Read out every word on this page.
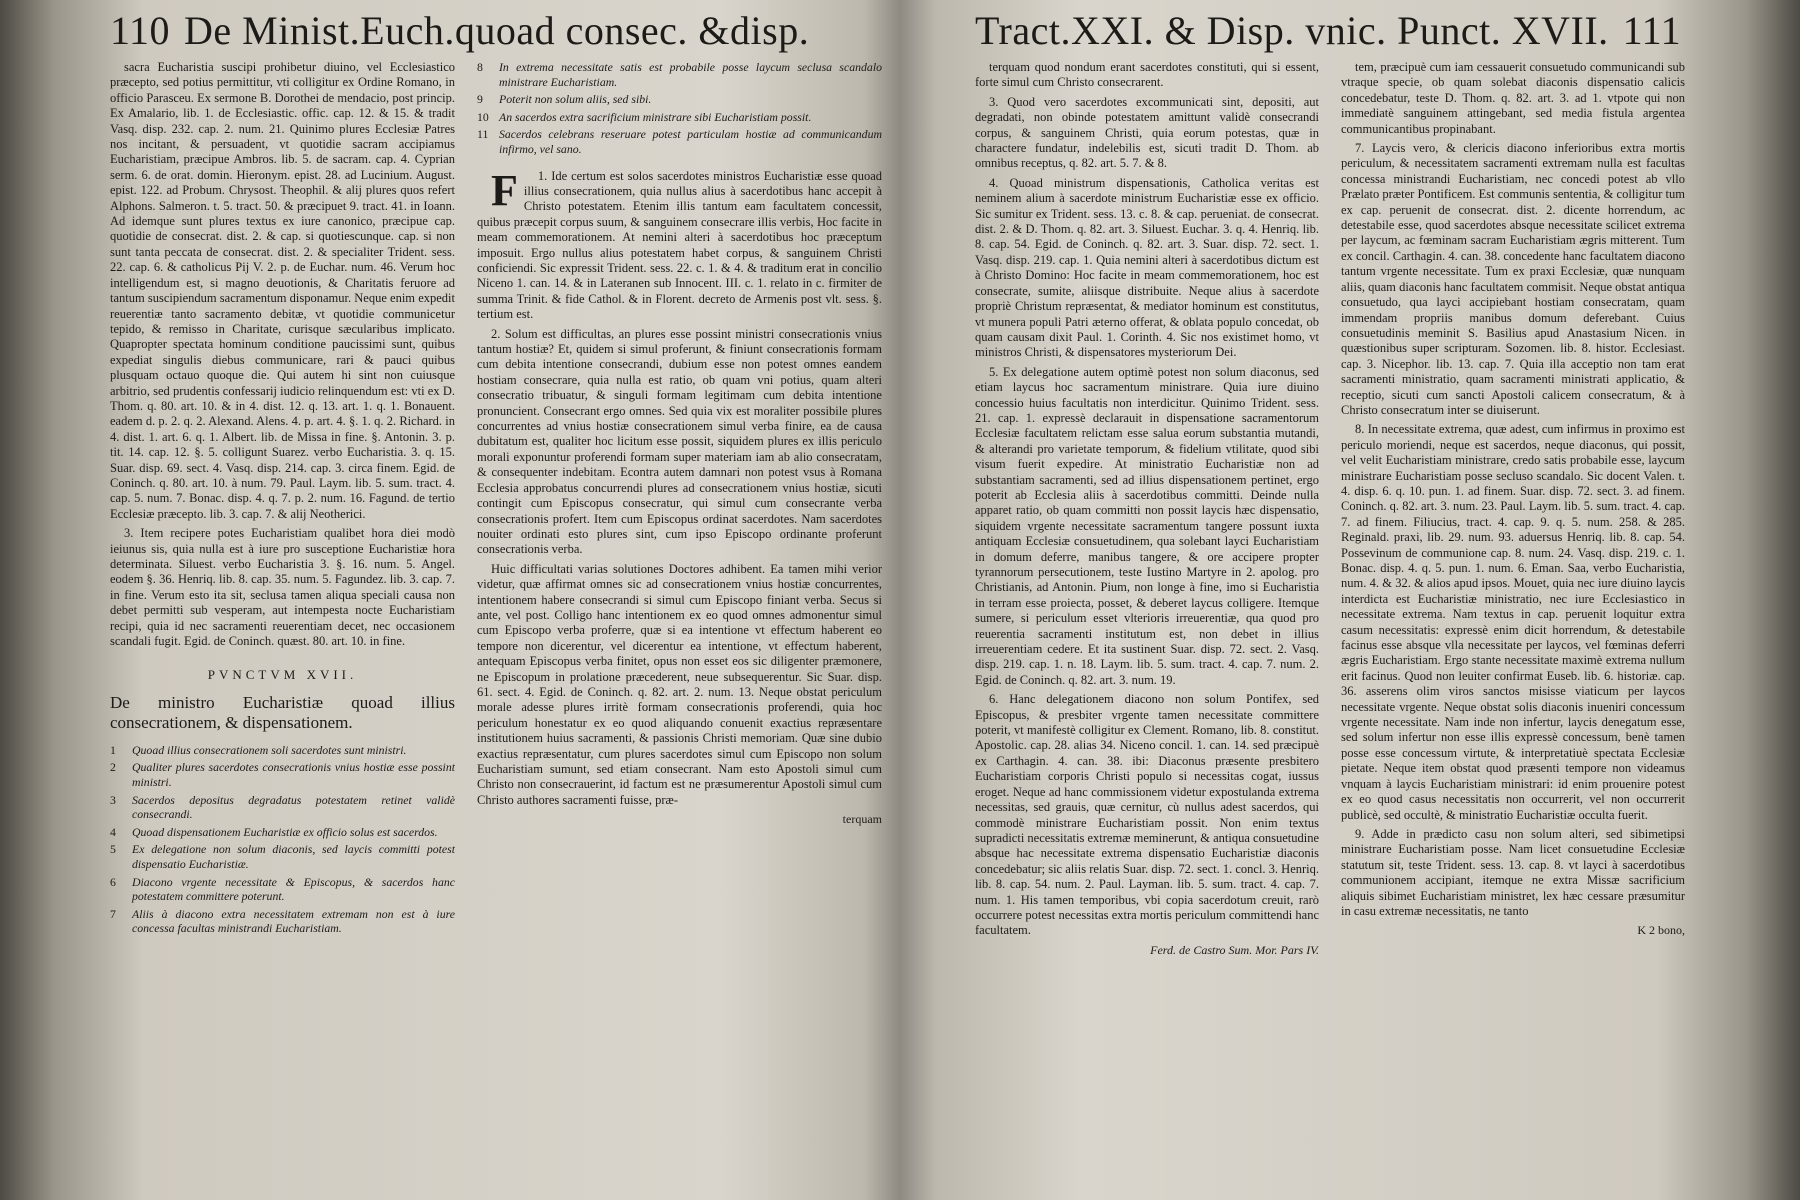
110 De Minist.Euch.quoad consec. &disp.

sacra Eucharistia suscipi prohibetur diuino, vel Ecclesiastico præcepto, sed potius permittitur, vti colligitur ex Ordine Romano, in officio Parasceu. Ex sermone B. Dorothei de mendacio, post princip. Ex Amalario, lib. 1. de Ecclesiastic. offic. cap. 12. & 15. & tradit Vasq. disp. 232. cap. 2. num. 21. Quinimo plures Ecclesiæ Patres nos incitant, & persuadent, vt quotidie sacram accipiamus Eucharistiam, præcipue Ambros. lib. 5. de sacram. cap. 4. Cyprian serm. 6. de orat. domin. Hieronym. epist. 28. ad Lucinium. August. epist. 122. ad Probum. Chrysost. Theophil. & alij plures quos refert Alphons. Salmeron. t. 5. tract. 50. & præcipuet 9. tract. 41. in Ioann. Ad idemque sunt plures textus ex iure canonico, præcipue cap. quotidie de consecrat. dist. 2. & cap. si quotiescunque. cap. si non sunt tanta peccata de consecrat. dist. 2. & specialiter Trident. sess. 22. cap. 6. & catholicus Pij V. 2. p. de Euchar. num. 46. Verum hoc intelligendum est, si magno deuotionis, & Charitatis feruore ad tantum suscipiendum sacramentum disponamur. Neque enim expedit reuerentiæ tanto sacramento debitæ, vt quotidie communicetur tepido, & remisso in Charitate, curisque sæcularibus implicato. Quapropter spectata hominum conditione paucissimi sunt, quibus expediat singulis diebus communicare, rari & pauci quibus plusquam octauo quoque die. Qui autem hi sint non cuiusque arbitrio, sed prudentis confessarij iudicio relinquendum est: vti ex D. Thom. q. 80. art. 10. & in 4. dist. 12. q. 13. art. 1. q. 1. Bonauent. eadem d. p. 2. q. 2. Alexand. Alens. 4. p. art. 4. §. 1. q. 2. Richard. in 4. dist. 1. art. 6. q. 1. Albert. lib. de Missa in fine. §. Antonin. 3. p. tit. 14. cap. 12. §. 5. colligunt Suarez. verbo Eucharistia. 3. q. 15. Suar. disp. 69. sect. 4. Vasq. disp. 214. cap. 3. circa finem. Egid. de Coninch. q. 80. art. 10. à num. 79. Paul. Laym. lib. 5. sum. tract. 4. cap. 5. num. 7. Bonac. disp. 4. q. 7. p. 2. num. 16. Fagund. de tertio Ecclesiæ præcepto. lib. 3. cap. 7. & alij Neotherici.

3. Item recipere potes Eucharistiam qualibet hora diei modò ieiunus sis, quia nulla est à iure pro susceptione Eucharistiæ hora determinata. Siluest. verbo Eucharistia 3. §. 16. num. 5. Angel. eodem §. 36. Henriq. lib. 8. cap. 35. num. 5. Fagundez. lib. 3. cap. 7. in fine. Verum esto ita sit, seclusa tamen aliqua speciali causa non debet permitti sub vesperam, aut intempesta nocte Eucharistiam recipi, quia id nec sacramenti reuerentiam decet, nec occasionem scandali fugit. Egid. de Coninch. quæst. 80. art. 10. in fine.

PVNCTVM XVII.
De ministro Eucharistiæ quoad illius consecrationem, & dispensationem.
1	Quoad illius consecrationem soli sacerdotes sunt ministri.
2	Qualiter plures sacerdotes consecrationis vnius hostiæ esse possint ministri.
3	Sacerdos depositus degradatus potestatem retinet validè consecrandi.
4	Quoad dispensationem Eucharistiæ ex officio solus est sacerdos.
5	Ex delegatione non solum diaconis, sed laycis committi potest dispensatio Eucharistiæ.
6	Diacono vrgente necessitate & Episcopus, & sacerdos hanc potestatem committere poterunt.
7	Aliis à diacono extra necessitatem extremam non est à iure concessa facultas ministrandi Eucharistiam.
8	In extrema necessitate satis est probabile posse laycum seclusa scandalo ministrare Eucharistiam.
9	Poterit non solum aliis, sed sibi.
10 An sacerdos extra sacrificium ministrare sibi Eucharistiam possit.
11 Sacerdos celebrans reseruare potest particulam hostiæ ad communicandum infirmo, vel sano.

F 1. Ide certum est solos sacerdotes ministros Eucharistiæ esse quoad illius consecrationem, quia nullus alius à sacerdotibus hanc accepit à Christo potestatem. Etenim illis tantum eam facultatem concessit, quibus præcepit corpus suum, & sanguinem consecrare illis verbis, Hoc facite in meam commemorationem. At nemini alteri à sacerdotibus hoc præceptum imposuit. Ergo nullus alius potestatem habet corpus, & sanguinem Christi conficiendi. Sic expressit Trident. sess. 22. c. 1. & 4. & traditum erat in concilio Niceno 1. can. 14. & in Lateranen sub Innocent. III. c. 1. relato in c. firmiter de summa Trinit. & fide Cathol. & in Florent. decreto de Armenis post vlt. sess. §. tertium est.

2. Solum est difficultas, an plures esse possint ministri consecrationis vnius tantum hostiæ? Et, quidem si simul proferunt, & finiunt consecrationis formam cum debita intentione consecrandi, dubium esse non potest omnes eandem hostiam consecrare, quia nulla est ratio, ob quam vni potius, quam alteri consecratio tribuatur, & singuli formam legitimam cum debita intentione pronuncient. Consecrant ergo omnes. Sed quia vix est moraliter possibile plures concurrentes ad vnius hostiæ consecrationem simul verba finire, ea de causa dubitatum est, qualiter hoc licitum esse possit, siquidem plures ex illis periculo morali exponuntur proferendi formam super materiam iam ab alio consecratam, & consequenter indebitam. Econtra autem damnari non potest vsus à Romana Ecclesia approbatus concurrendi plures ad consecrationem vnius hostiæ, sicuti contingit cum Episcopus consecratur, qui simul cum consecrante verba consecrationis profert. Item cum Episcopus ordinat sacerdotes. Nam sacerdotes nouiter ordinati esto plures sint, cum ipso Episcopo ordinante proferunt consecrationis verba.

Huic difficultati varias solutiones Doctores adhibent. Ea tamen mihi verior videtur, quæ affirmat omnes sic ad consecrationem vnius hostiæ concurrentes, intentionem habere consecrandi si simul cum Episcopo finiant verba. Secus si ante, vel post. Colligo hanc intentionem ex eo quod omnes admonentur simul cum Episcopo verba proferre, quæ si ea intentione vt effectum haberent eo tempore non dicerentur, vel dicerentur ea intentione, vt effectum haberent, antequam Episcopus verba finitet, opus non esset eos sic diligenter præmonere, ne Episcopum in prolatione præcederent, neue subsequerentur. Sic Suar. disp. 61. sect. 4. Egid. de Coninch. q. 82. art. 2. num. 13. Neque obstat periculum morale adesse plures irritè formam consecrationis proferendi, quia hoc periculum honestatur ex eo quod aliquando conuenit exactius repræsentare institutionem huius sacramenti, & passionis Christi memoriam. Quæ sine dubio exactius repræsentatur, cum plures sacerdotes simul cum Episcopo non solum Eucharistiam sumunt, sed etiam consecrant. Nam esto Apostoli simul cum Christo non consecrauerint, id factum est ne præsumerentur Apostoli simul cum Christo authores sacramenti fuisse, præ-

terquam
Tract.XXI. & Disp. vnic. Punct. XVII. 111

terquam quod nondum erant sacerdotes constituti, qui si essent, forte simul cum Christo consecrarent.

3. Quod vero sacerdotes excommunicati sint, depositi, aut degradati, non obinde potestatem amittunt validè consecrandi corpus, & sanguinem Christi, quia eorum potestas, quæ in charactere fundatur, indelebilis est, sicuti tradit D. Thom. ab omnibus receptus, q. 82. art. 5. 7. & 8.

4. Quoad ministrum dispensationis, Catholica veritas est neminem alium à sacerdote ministrum Eucharistiæ esse ex officio. Sic sumitur ex Trident. sess. 13. c. 8. & cap. perueniat. de consecrat. dist. 2. & D. Thom. q. 82. art. 3. Siluest. Euchar. 3. q. 4. Henriq. lib. 8. cap. 54. Egid. de Coninch. q. 82. art. 3. Suar. disp. 72. sect. 1. Vasq. disp. 219. cap. 1. Quia nemini alteri à sacerdotibus dictum est à Christo Domino: Hoc facite in meam commemorationem, hoc est consecrate, sumite, aliisque distribuite. Neque alius à sacerdote propriè Christum repræsentat, & mediator hominum est constitutus, vt munera populi Patri æterno offerat, & oblata populo concedat, ob quam causam dixit Paul. 1. Corinth. 4. Sic nos existimet homo, vt ministros Christi, & dispensatores mysteriorum Dei.

5. Ex delegatione autem optimè potest non solum diaconus, sed etiam laycus hoc sacramentum ministrare. Quia iure diuino concessio huius facultatis non interdicitur. Quinimo Trident. sess. 21. cap. 1. expressè declarauit in dispensatione sacramentorum Ecclesiæ facultatem relictam esse salua eorum substantia mutandi, & alterandi pro varietate temporum, & fidelium vtilitate, quod sibi visum fuerit expedire. At ministratio Eucharistiæ non ad substantiam sacramenti, sed ad illius dispensationem pertinet, ergo poterit ab Ecclesia aliis à sacerdotibus committi. Deinde nulla apparet ratio, ob quam committi non possit laycis hæc dispensatio, siquidem vrgente necessitate sacramentum tangere possunt iuxta antiquam Ecclesiæ consuetudinem, qua solebant layci Eucharistiam in domum deferre, manibus tangere, & ore accipere propter tyrannorum persecutionem, teste Iustino Martyre in 2. apolog. pro Christianis, ad Antonin. Pium, non longe à fine, imo si Eucharistia in terram esse proiecta, posset, & deberet laycus colligere. Itemque sumere, si periculum esset vlterioris irreuerentiæ, qua quod pro reuerentia sacramenti institutum est, non debet in illius irreuerentiam cedere. Et ita sustinent Suar. disp. 72. sect. 2. Vasq. disp. 219. cap. 1. n. 18. Laym. lib. 5. sum. tract. 4. cap. 7. num. 2. Egid. de Coninch. q. 82. art. 3. num. 19.

6. Hanc delegationem diacono non solum Pontifex, sed Episcopus, & presbiter vrgente tamen necessitate committere poterit, vt manifestè colligitur ex Clement. Romano, lib. 8. constitut. Apostolic. cap. 28. alias 34. Niceno concil. 1. can. 14. sed præcipuè ex Carthagin. 4. can. 38. ibi: Diaconus præsente presbitero Eucharistiam corporis Christi populo si necessitas cogat, iussus eroget. Neque ad hanc commissionem videtur expostulanda extrema necessitas, sed grauis, quæ cernitur, cù nullus adest sacerdos, qui commodè ministrare Eucharistiam possit. Non enim textus supradicti necessitatis extremæ meminerunt, & antiqua consuetudine absque hac necessitate extrema dispensatio Eucharistiæ diaconis concedebatur; sic aliis relatis Suar. disp. 72. sect. 1. concl. 3. Henriq. lib. 8. cap. 54. num. 2. Paul. Layman. lib. 5. sum. tract. 4. cap. 7. num. 1. His tamen temporibus, vbi copia sacerdotum creuit, rarò occurrere potest necessitas extra mortis periculum committendi hanc facultatem.

Ferd. de Castro Sum. Mor. Pars IV.

tem, præcipuè cum iam cessauerit consuetudo communicandi sub vtraque specie, ob quam solebat diaconis dispensatio calicis concedebatur, teste D. Thom. q. 82. art. 3. ad 1. vtpote qui non immediatè sanguinem attingebant, sed media fistula argentea communicantibus propinabant.

7. Laycis vero, & clericis diacono inferioribus extra mortis periculum, & necessitatem sacramenti extremam nulla est facultas concessa ministrandi Eucharistiam, nec concedi potest ab vllo Prælato præter Pontificem. Est communis sententia, & colligitur tum ex cap. peruenit de consecrat. dist. 2. dicente horrendum, ac detestabile esse, quod sacerdotes absque necessitate scilicet extrema per laycum, ac fœminam sacram Eucharistiam ægris mitterent. Tum ex concil. Carthagin. 4. can. 38. concedente hanc facultatem diacono tantum vrgente necessitate. Tum ex praxi Ecclesiæ, quæ nunquam aliis, quam diaconis hanc facultatem commisit. Neque obstat antiqua consuetudo, qua layci accipiebant hostiam consecratam, quam immendam propriis manibus domum deferebant. Cuius consuetudinis meminit S. Basilius apud Anastasium Nicen. in quæstionibus super scripturam. Sozomen. lib. 8. histor. Ecclesiast. cap. 3. Nicephor. lib. 13. cap. 7. Quia illa acceptio non tam erat sacramenti ministratio, quam sacramenti ministrati applicatio, & receptio, sicuti cum sancti Apostoli calicem consecratum, & à Christo consecratum inter se diuiserunt.

8. In necessitate extrema, quæ adest, cum infirmus in proximo est periculo moriendi, neque est sacerdos, neque diaconus, qui possit, vel velit Eucharistiam ministrare, credo satis probabile esse, laycum ministrare Eucharistiam posse secluso scandalo. Sic docent Valen. t. 4. disp. 6. q. 10. pun. 1. ad finem. Suar. disp. 72. sect. 3. ad finem. Coninch. q. 82. art. 3. num. 23. Paul. Laym. lib. 5. sum. tract. 4. cap. 7. ad finem. Filiucius, tract. 4. cap. 9. q. 5. num. 258. & 285. Reginald. praxi, lib. 29. num. 93. aduersus Henriq. lib. 8. cap. 54. Possevinum de communione cap. 8. num. 24. Vasq. disp. 219. c. 1. Bonac. disp. 4. q. 5. pun. 1. num. 6. Eman. Saa, verbo Eucharistia, num. 4. & 32. & alios apud ipsos. Mouet, quia nec iure diuino laycis interdicta est Eucharistiæ ministratio, nec iure Ecclesiastico in necessitate extrema. Nam textus in cap. peruenit loquitur extra casum necessitatis: expressè enim dicit horrendum, & detestabile facinus esse absque vlla necessitate per laycos, vel fœminas deferri ægris Eucharistiam. Ergo stante necessitate maximè extrema nullum erit facinus. Quod non leuiter confirmat Euseb. lib. 6. historiæ. cap. 36. asserens olim viros sanctos misisse viaticum per laycos necessitate vrgente. Neque obstat solis diaconis inueniri concessum vrgente necessitate. Nam inde non infertur, laycis denegatum esse, sed solum infertur non esse illis expressè concessum, benè tamen posse esse concessum virtute, & interpretatiuè spectata Ecclesiæ pietate. Neque item obstat quod præsenti tempore non videamus vnquam à laycis Eucharistiam ministrari: id enim prouenire potest ex eo quod casus necessitatis non occurrerit, vel non occurrerit publicè, sed occultè, & ministratio Eucharistiæ occulta fuerit.

9. Adde in prædicto casu non solum alteri, sed sibimetipsi ministrare Eucharistiam posse. Nam licet consuetudine Ecclesiæ statutum sit, teste Trident. sess. 13. cap. 8. vt layci à sacerdotibus communionem accipiant, itemque ne extra Missæ sacrificium aliquis sibimet Eucharistiam ministret, lex hæc cessare præsumitur in casu extremæ necessitatis, ne tanto

K 2 bono,
